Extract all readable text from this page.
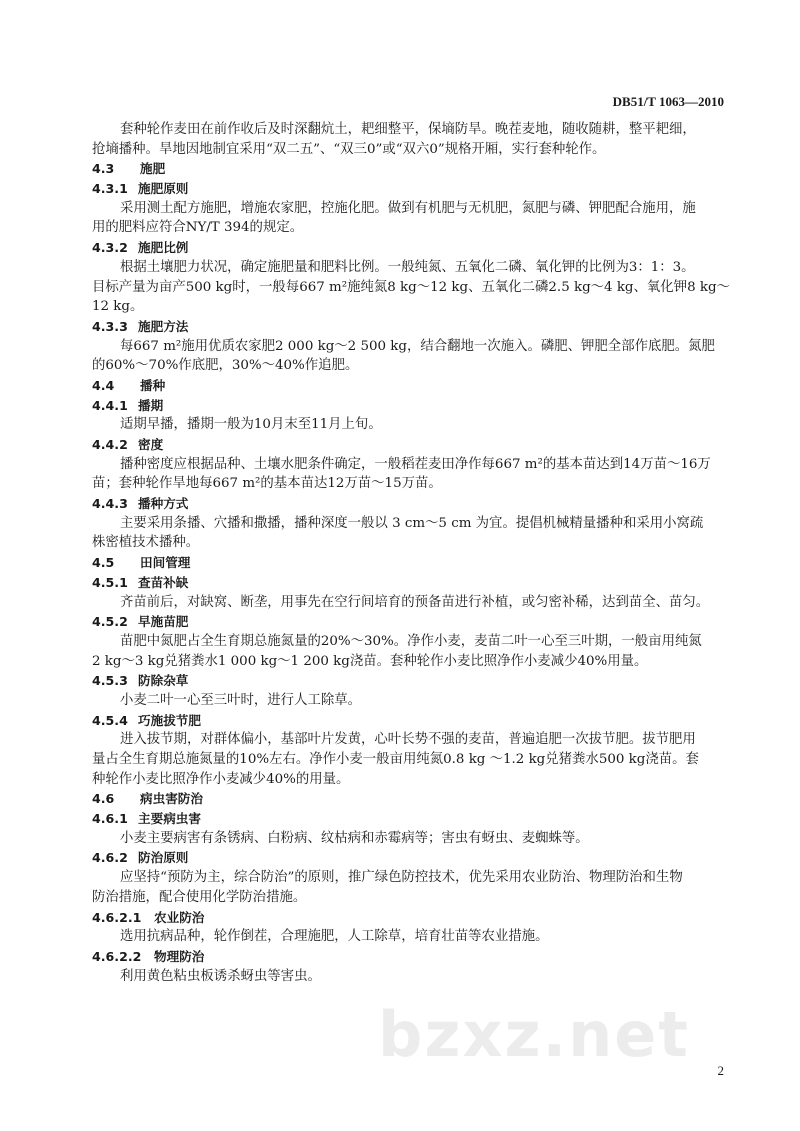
DB51/T 1063—2010
套种轮作麦田在前作收后及时深翻炕土，耙细整平，保墒防旱。晚茬麦地，随收随耕，整平耙细，
抢墒播种。旱地因地制宜采用“双二五”、“双三0”或“双六0”规格开厢，实行套种轮作。
4.3 施肥
4.3.1 施肥原则
采用测土配方施肥，增施农家肥，控施化肥。做到有机肥与无机肥，氮肥与磷、钾肥配合施用，施
用的肥料应符合NY/T 394的规定。
4.3.2 施肥比例
根据土壤肥力状况，确定施肥量和肥料比例。一般纯氮、五氧化二磷、氧化钾的比例为3：1：3。
目标产量为亩产500 kg时，一般每667 m²施纯氮8 kg～12 kg、五氧化二磷2.5 kg～4 kg、氧化钾8 kg～
12 kg。
4.3.3 施肥方法
每667 m²施用优质农家肥2 000 kg～2 500 kg，结合翻地一次施入。磷肥、钾肥全部作底肥。氮肥
的60%～70%作底肥，30%～40%作追肥。
4.4 播种
4.4.1 播期
适期早播，播期一般为10月末至11月上旬。
4.4.2 密度
播种密度应根据品种、土壤水肥条件确定，一般稻茬麦田净作每667 m²的基本苗达到14万苗～16万
苗；套种轮作旱地每667 m²的基本苗达12万苗～15万苗。
4.4.3 播种方式
主要采用条播、穴播和撒播，播种深度一般以 3 cm～5 cm 为宜。提倡机械精量播种和采用小窝疏
株密植技术播种。
4.5 田间管理
4.5.1 查苗补缺
齐苗前后，对缺窝、断垄，用事先在空行间培育的预备苗进行补植，或匀密补稀，达到苗全、苗匀。
4.5.2 早施苗肥
苗肥中氮肥占全生育期总施氮量的20%～30%。净作小麦，麦苗二叶一心至三叶期，一般亩用纯氮
2 kg～3 kg兑猪粪水1 000 kg～1 200 kg浇苗。套种轮作小麦比照净作小麦减少40%用量。
4.5.3 防除杂草
小麦二叶一心至三叶时，进行人工除草。
4.5.4 巧施拔节肥
进入拔节期，对群体偏小，基部叶片发黄，心叶长势不强的麦苗，普遍追肥一次拔节肥。拔节肥用
量占全生育期总施氮量的10%左右。净作小麦一般亩用纯氮0.8 kg ～1.2 kg兑猪粪水500 kg浇苗。套
种轮作小麦比照净作小麦减少40%的用量。
4.6 病虫害防治
4.6.1 主要病虫害
小麦主要病害有条锈病、白粉病、纹枯病和赤霉病等；害虫有蚜虫、麦蜘蛛等。
4.6.2 防治原则
应坚持“预防为主，综合防治”的原则，推广绿色防控技术，优先采用农业防治、物理防治和生物
防治措施，配合使用化学防治措施。
4.6.2.1 农业防治
选用抗病品种，轮作倒茬，合理施肥，人工除草，培育壮苗等农业措施。
4.6.2.2 物理防治
利用黄色粘虫板诱杀蚜虫等害虫。
bzxz.net	2
